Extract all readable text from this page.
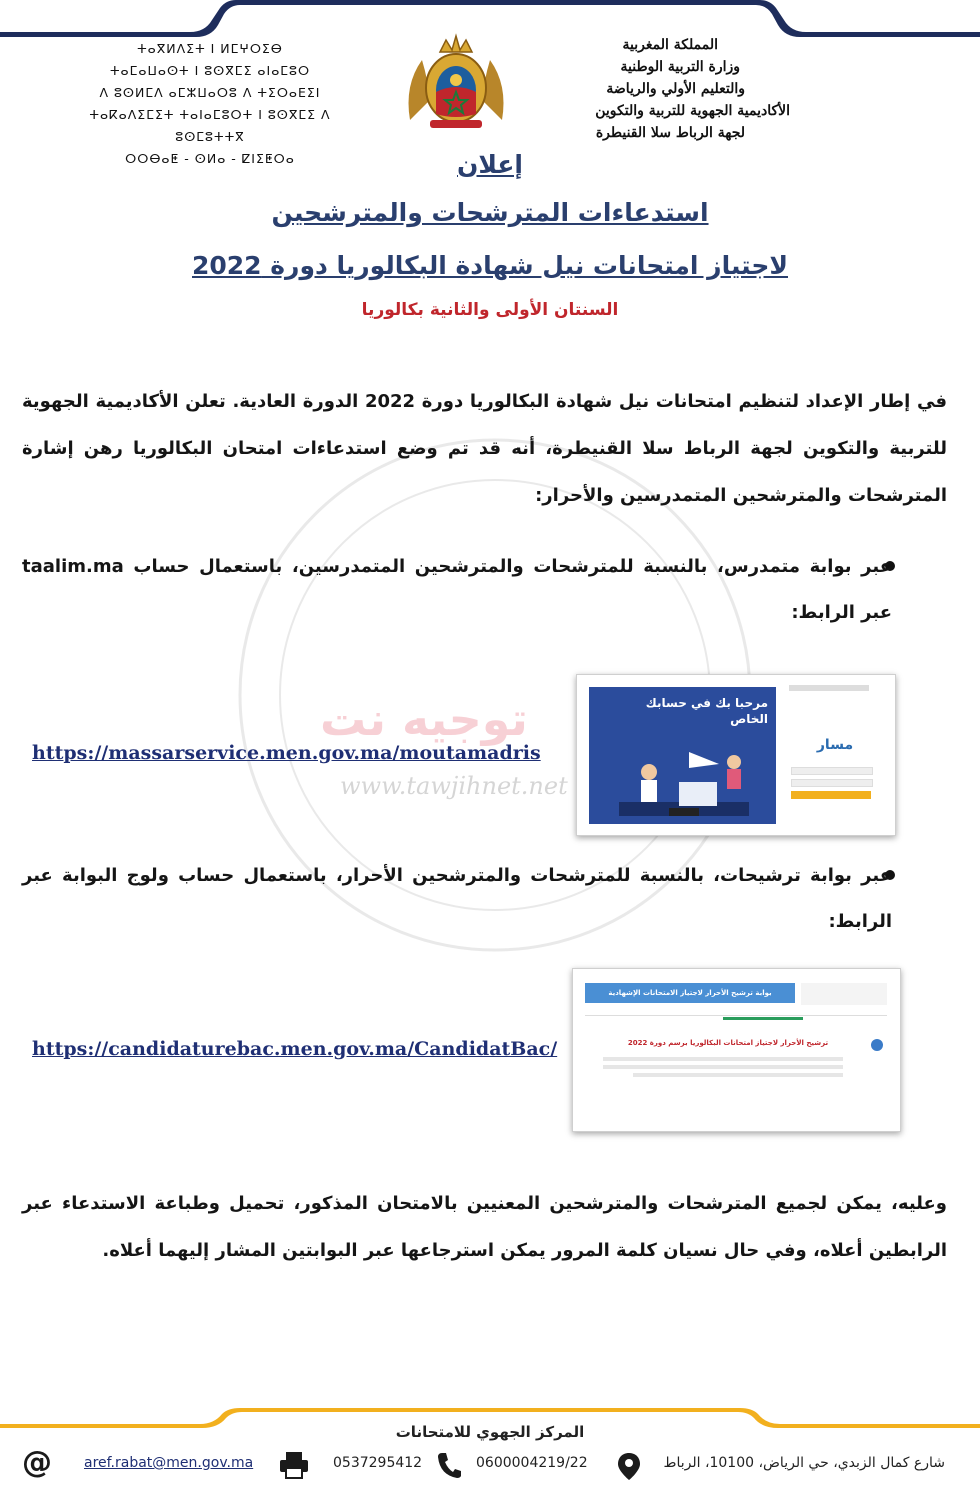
ⵜⴰⴳⵍⴷⵉⵜ ⵏ ⵍⵎⵖⵔⵉⴱ
ⵜⴰⵎⴰⵡⴰⵙⵜ ⵏ ⵓⵙⴳⵎⵉ ⴰⵏⴰⵎⵓⵔ
ⴷ ⵓⵙⵍⵎⴷ ⴰⵎⵣⵡⴰⵔⵓ ⴷ ⵜⵉⵔⴰⴹⵉⵏ
ⵜⴰⴽⴰⴷⵉⵎⵉⵜ ⵜⴰⵏⴰⵎⵓⵔⵜ ⵏ ⵓⵙⴳⵎⵉ ⴷ ⵓⵙⵎⵓⵜⵜⴳ
ⵔⵔⴱⴰⵟ - ⵙⵍⴰ - ⵇⵏⵉⵟⵔⴰ
المملكة المغربية
وزارة التربية الوطنية
والتعليم الأولي والرياضة
الأكاديمية الجهوية للتربية والتكوين
لجهة الرباط سلا القنيطرة
إعلان
استدعاءات المترشحات والمترشحين
لاجتياز امتحانات نيل شهادة البكالوريا دورة 2022
السنتان الأولى والثانية بكالوريا
في إطار الإعداد لتنظيم امتحانات نيل شهادة البكالوريا دورة 2022 الدورة العادية. تعلن الأكاديمية الجهوية للتربية والتكوين لجهة الرباط سلا القنيطرة، أنه قد تم وضع استدعاءات امتحان البكالوريا رهن إشارة المترشحات والمترشحين المتمدرسين والأحرار:
عبر بوابة متمدرس، بالنسبة للمترشحات والمترشحين المتمدرسين، باستعمال حساب taalim.ma عبر الرابط:
مرحبا بك في حسابك الخاص
مسار
توجيه نت
www.tawjihnet.net
https://massarservice.men.gov.ma/moutamadris
عبر بوابة ترشيحات، بالنسبة للمترشحات والمترشحين الأحرار، باستعمال حساب ولوج البوابة عبر الرابط:
بوابة ترشيح الأحرار لاجتياز الامتحانات الإشهادية
ترشيح الأحرار لاجتياز امتحانات البكالوريا برسم دورة 2022
https://candidaturebac.men.gov.ma/CandidatBac/
وعليه، يمكن لجميع المترشحات والمترشحين المعنيين بالامتحان المذكور، تحميل وطباعة الاستدعاء عبر الرابطين أعلاه، وفي حال نسيان كلمة المرور يمكن استرجاعها عبر البوابتين المشار إليهما أعلاه.
المركز الجهوي للامتحانات
شارع كمال الزبدي، حي الرياض، 10100، الرباط
0600004219/22
0537295412
aref.rabat@men.gov.ma
@
